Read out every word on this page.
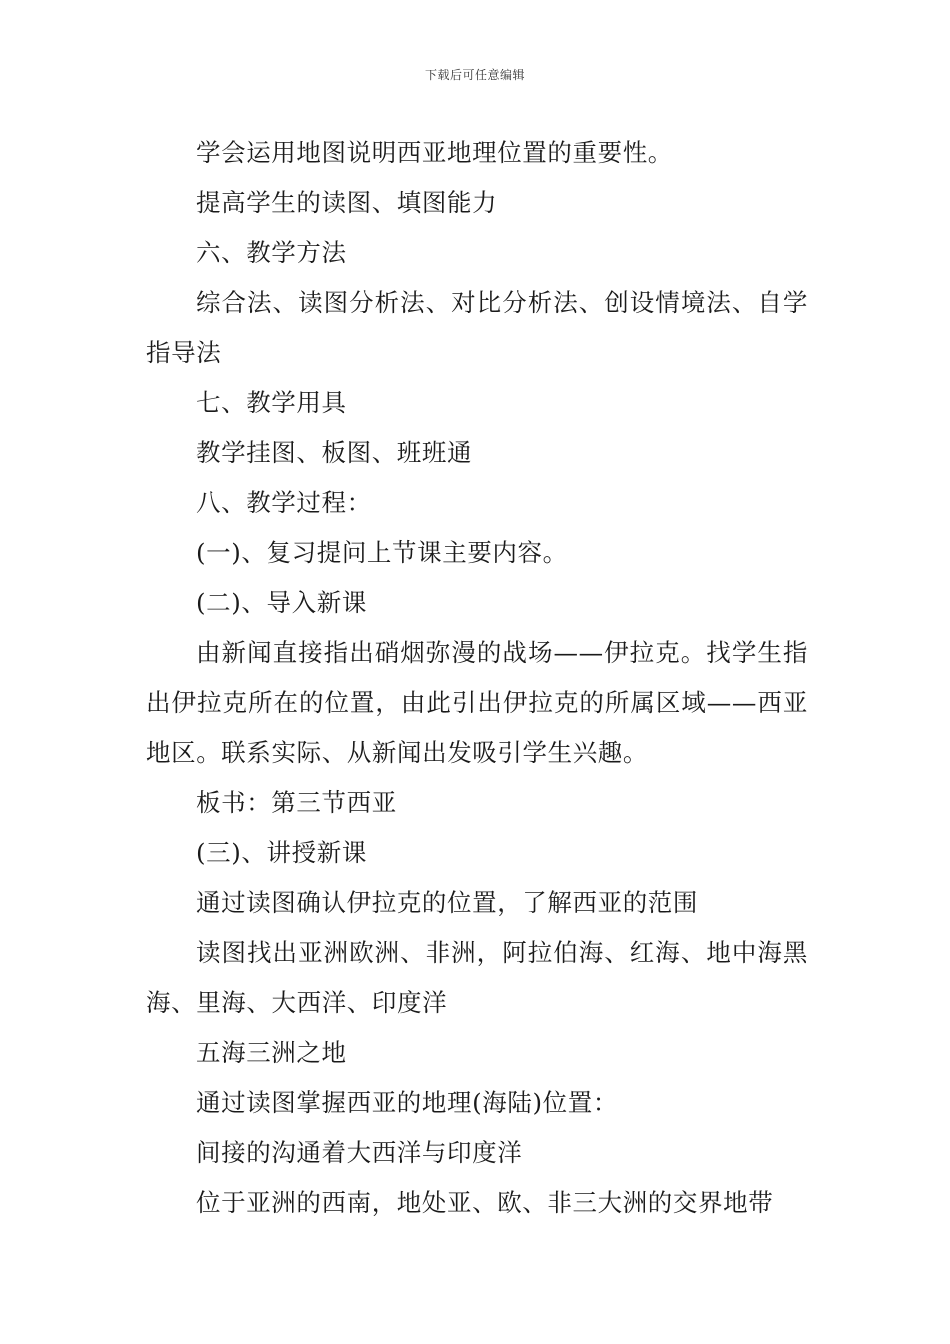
下载后可任意编辑

学会运用地图说明西亚地理位置的重要性。

提高学生的读图、填图能力

六、教学方法

综合法、读图分析法、对比分析法、创设情境法、自学指导法

七、教学用具

教学挂图、板图、班班通

八、教学过程：

(一)、复习提问上节课主要内容。

(二)、导入新课

由新闻直接指出硝烟弥漫的战场——伊拉克。找学生指出伊拉克所在的位置，由此引出伊拉克的所属区域——西亚地区。联系实际、从新闻出发吸引学生兴趣。

板书：第三节西亚

(三)、讲授新课

通过读图确认伊拉克的位置，了解西亚的范围

读图找出亚洲欧洲、非洲，阿拉伯海、红海、地中海黑海、里海、大西洋、印度洋

五海三洲之地

通过读图掌握西亚的地理(海陆)位置：

间接的沟通着大西洋与印度洋

位于亚洲的西南，地处亚、欧、非三大洲的交界地带
